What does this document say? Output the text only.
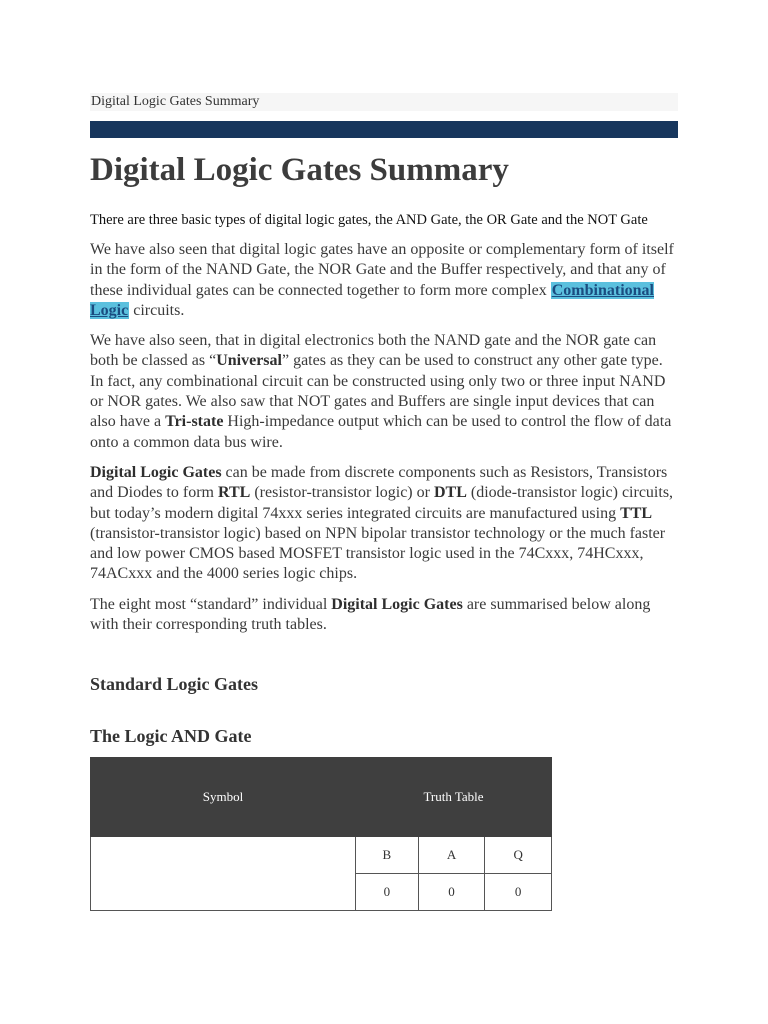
Digital Logic Gates Summary
Digital Logic Gates Summary

There are three basic types of digital logic gates, the AND Gate, the OR Gate and the NOT Gate

We have also seen that digital logic gates have an opposite or complementary form of itself in the form of the NAND Gate, the NOR Gate and the Buffer respectively, and that any of these individual gates can be connected together to form more complex Combinational Logic circuits.

We have also seen, that in digital electronics both the NAND gate and the NOR gate can both be classed as “Universal” gates as they can be used to construct any other gate type. In fact, any combinational circuit can be constructed using only two or three input NAND or NOR gates. We also saw that NOT gates and Buffers are single input devices that can also have a Tri-state High-impedance output which can be used to control the flow of data onto a common data bus wire.

Digital Logic Gates can be made from discrete components such as Resistors, Transistors and Diodes to form RTL (resistor-transistor logic) or DTL (diode-transistor logic) circuits, but today’s modern digital 74xxx series integrated circuits are manufactured using TTL (transistor-transistor logic) based on NPN bipolar transistor technology or the much faster and low power CMOS based MOSFET transistor logic used in the 74Cxxx, 74HCxxx, 74ACxxx and the 4000 series logic chips.

The eight most “standard” individual Digital Logic Gates are summarised below along with their corresponding truth tables.

Standard Logic Gates
The Logic AND Gate
Symbol	Truth Table		
	B	A	Q
	0	0	0
